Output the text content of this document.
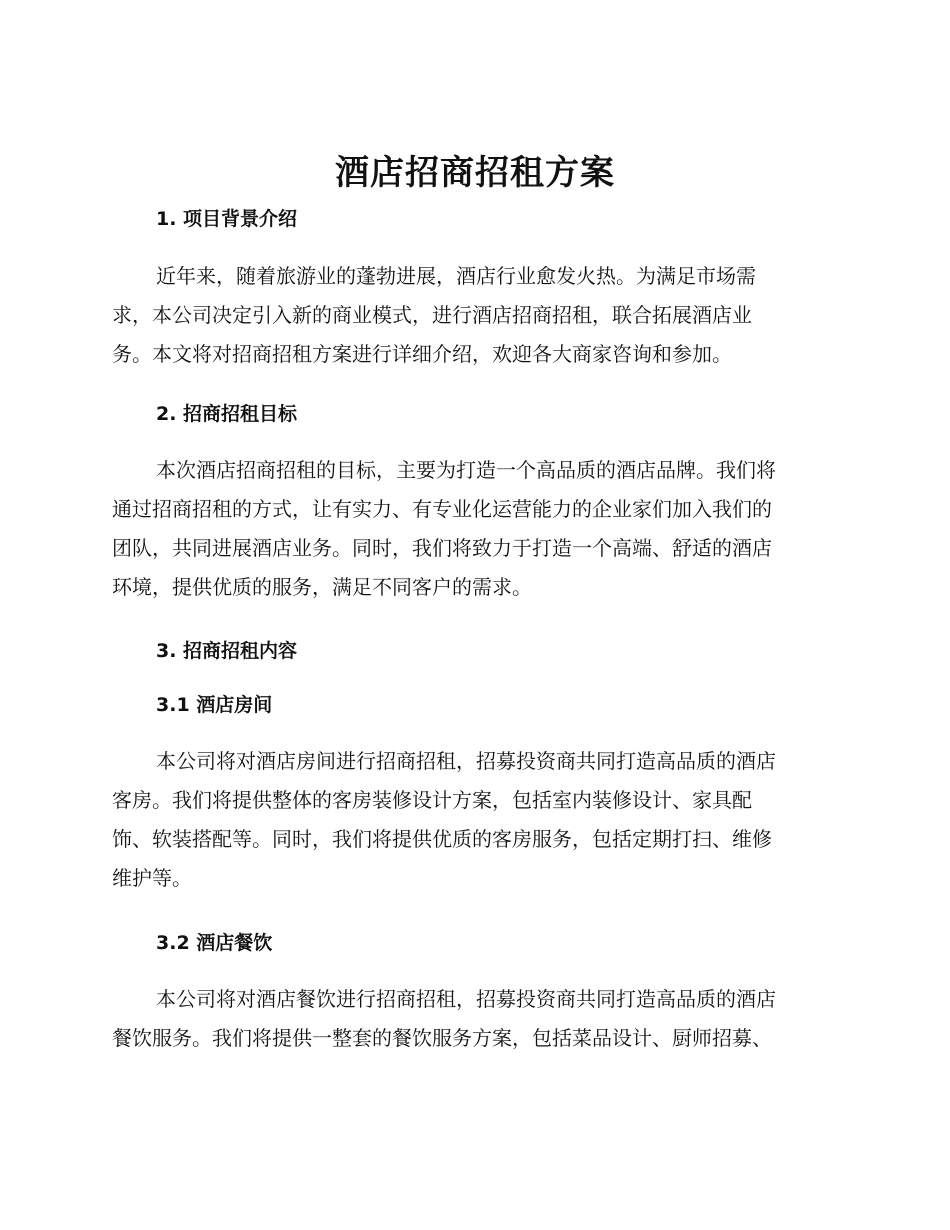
酒店招商招租方案
1. 项目背景介绍

近年来，随着旅游业的蓬勃进展，酒店行业愈发火热。为满足市场需
求，本公司决定引入新的商业模式，进行酒店招商招租，联合拓展酒店业
务。本文将对招商招租方案进行详细介绍，欢迎各大商家咨询和参加。

2. 招商招租目标

本次酒店招商招租的目标，主要为打造一个高品质的酒店品牌。我们将
通过招商招租的方式，让有实力、有专业化运营能力的企业家们加入我们的
团队，共同进展酒店业务。同时，我们将致力于打造一个高端、舒适的酒店
环境，提供优质的服务，满足不同客户的需求。

3. 招商招租内容
3.1 酒店房间

本公司将对酒店房间进行招商招租，招募投资商共同打造高品质的酒店
客房。我们将提供整体的客房装修设计方案，包括室内装修设计、家具配
饰、软装搭配等。同时，我们将提供优质的客房服务，包括定期打扫、维修
维护等。

3.2 酒店餐饮

本公司将对酒店餐饮进行招商招租，招募投资商共同打造高品质的酒店
餐饮服务。我们将提供一整套的餐饮服务方案，包括菜品设计、厨师招募、
